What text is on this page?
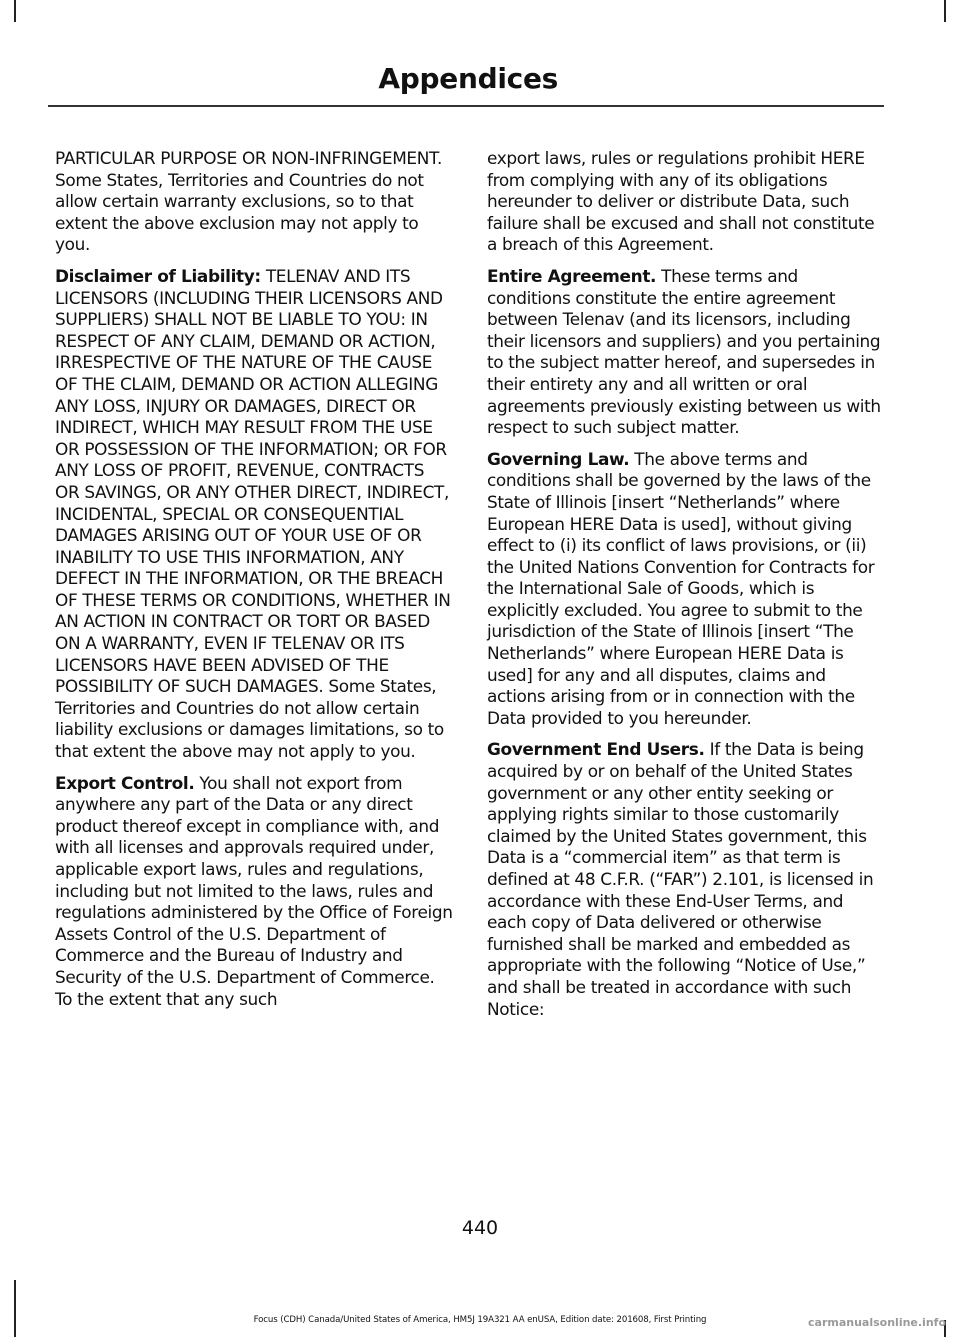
Appendices

PARTICULAR PURPOSE OR NON-INFRINGEMENT. Some States, Territories and Countries do not allow certain warranty exclusions, so to that extent the above exclusion may not apply to you.

Disclaimer of Liability: TELENAV AND ITS LICENSORS (INCLUDING THEIR LICENSORS AND SUPPLIERS) SHALL NOT BE LIABLE TO YOU: IN RESPECT OF ANY CLAIM, DEMAND OR ACTION, IRRESPECTIVE OF THE NATURE OF THE CAUSE OF THE CLAIM, DEMAND OR ACTION ALLEGING ANY LOSS, INJURY OR DAMAGES, DIRECT OR INDIRECT, WHICH MAY RESULT FROM THE USE OR POSSESSION OF THE INFORMATION; OR FOR ANY LOSS OF PROFIT, REVENUE, CONTRACTS OR SAVINGS, OR ANY OTHER DIRECT, INDIRECT, INCIDENTAL, SPECIAL OR CONSEQUENTIAL DAMAGES ARISING OUT OF YOUR USE OF OR INABILITY TO USE THIS INFORMATION, ANY DEFECT IN THE INFORMATION, OR THE BREACH OF THESE TERMS OR CONDITIONS, WHETHER IN AN ACTION IN CONTRACT OR TORT OR BASED ON A WARRANTY, EVEN IF TELENAV OR ITS LICENSORS HAVE BEEN ADVISED OF THE POSSIBILITY OF SUCH DAMAGES. Some States, Territories and Countries do not allow certain liability exclusions or damages limitations, so to that extent the above may not apply to you.

Export Control. You shall not export from anywhere any part of the Data or any direct product thereof except in compliance with, and with all licenses and approvals required under, applicable export laws, rules and regulations, including but not limited to the laws, rules and regulations administered by the Office of Foreign Assets Control of the U.S. Department of Commerce and the Bureau of Industry and Security of the U.S. Department of Commerce. To the extent that any such

export laws, rules or regulations prohibit HERE from complying with any of its obligations hereunder to deliver or distribute Data, such failure shall be excused and shall not constitute a breach of this Agreement.

Entire Agreement. These terms and conditions constitute the entire agreement between Telenav (and its licensors, including their licensors and suppliers) and you pertaining to the subject matter hereof, and supersedes in their entirety any and all written or oral agreements previously existing between us with respect to such subject matter.

Governing Law. The above terms and conditions shall be governed by the laws of the State of Illinois [insert “Netherlands” where European HERE Data is used], without giving effect to (i) its conflict of laws provisions, or (ii) the United Nations Convention for Contracts for the International Sale of Goods, which is explicitly excluded. You agree to submit to the jurisdiction of the State of Illinois [insert “The Netherlands” where European HERE Data is used] for any and all disputes, claims and actions arising from or in connection with the Data provided to you hereunder.

Government End Users. If the Data is being acquired by or on behalf of the United States government or any other entity seeking or applying rights similar to those customarily claimed by the United States government, this Data is a “commercial item” as that term is defined at 48 C.F.R. (“FAR”) 2.101, is licensed in accordance with these End-User Terms, and each copy of Data delivered or otherwise furnished shall be marked and embedded as appropriate with the following “Notice of Use,” and shall be treated in accordance with such Notice:

440
Focus (CDH) Canada/United States of America, HM5J 19A321 AA enUSA, Edition date: 201608, First Printing	carmanualsonline.info
